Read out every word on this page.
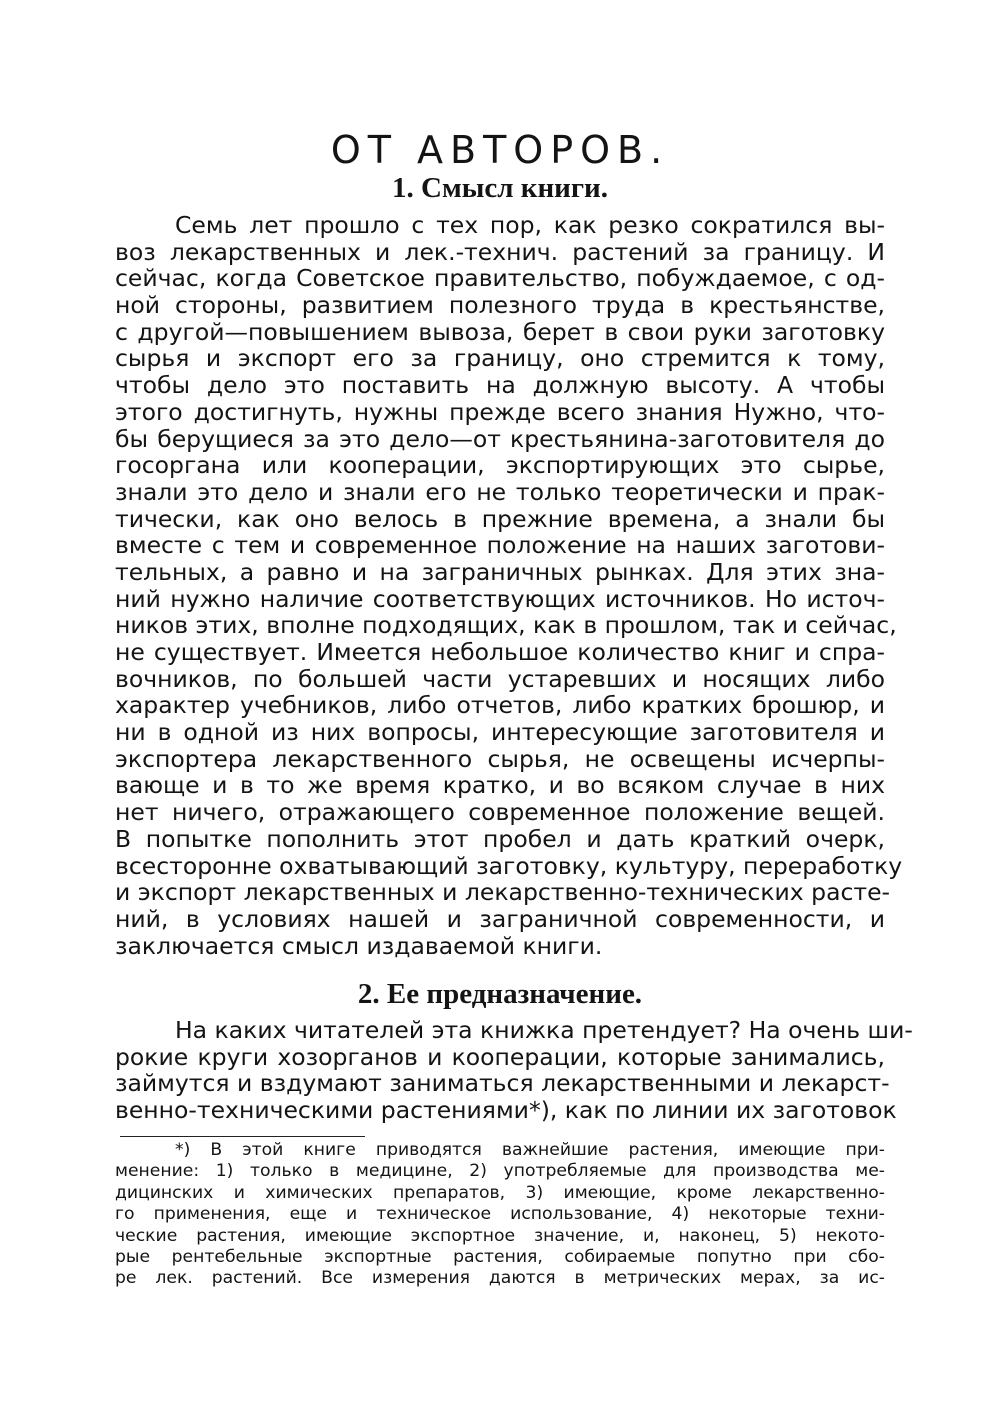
ОТ АВТОРОВ.
1. Смысл книги.
Семь лет прошло с тех пор, как резко сократился вы-
воз лекарственных и лек.-технич. растений за границу. И
сейчас, когда Советское правительство, побуждаемое, с од-
ной стороны, развитием полезного труда в крестьянстве,
с другой—повышением вывоза, берет в свои руки заготовку
сырья и экспорт его за границу, оно стремится к тому,
чтобы дело это поставить на должную высоту. А чтобы
этого достигнуть, нужны прежде всего знания Нужно, что-
бы берущиеся за это дело—от крестьянина-заготовителя до
госоргана или кооперации, экспортирующих это сырье,
знали это дело и знали его не только теоретически и прак-
тически, как оно велось в прежние времена, а знали бы
вместе с тем и современное положение на наших заготови-
тельных, а равно и на заграничных рынках. Для этих зна-
ний нужно наличие соответствующих источников. Но источ-
ников этих, вполне подходящих, как в прошлом, так и сейчас,
не существует. Имеется небольшое количество книг и спра-
вочников, по большей части устаревших и носящих либо
характер учебников, либо отчетов, либо кратких брошюр, и
ни в одной из них вопросы, интересующие заготовителя и
экспортера лекарственного сырья, не освещены исчерпы-
вающе и в то же время кратко, и во всяком случае в них
нет ничего, отражающего современное положение вещей.
В попытке пополнить этот пробел и дать краткий очерк,
всесторонне охватывающий заготовку, культуру, переработку
и экспорт лекарственных и лекарственно-технических расте-
ний, в условиях нашей и заграничной современности, и
заключается смысл издаваемой книги.
2. Ее предназначение.
На каких читателей эта книжка претендует? На очень ши-
рокие круги хозорганов и кооперации, которые занимались,
займутся и вздумают заниматься лекарственными и лекарст-
венно-техническими растениями*), как по линии их заготовок
*) В этой книге приводятся важнейшие растения, имеющие при-
менение: 1) только в медицине, 2) употребляемые для производства ме-
дицинских и химических препаратов, 3) имеющие, кроме лекарственно-
го применения, еще и техническое использование, 4) некоторые техни-
ческие растения, имеющие экспортное значение, и, наконец, 5) некото-
рые рентебельные экспортные растения, собираемые попутно при сбо-
ре лек. растений. Все измерения даются в метрических мерах, за ис-
